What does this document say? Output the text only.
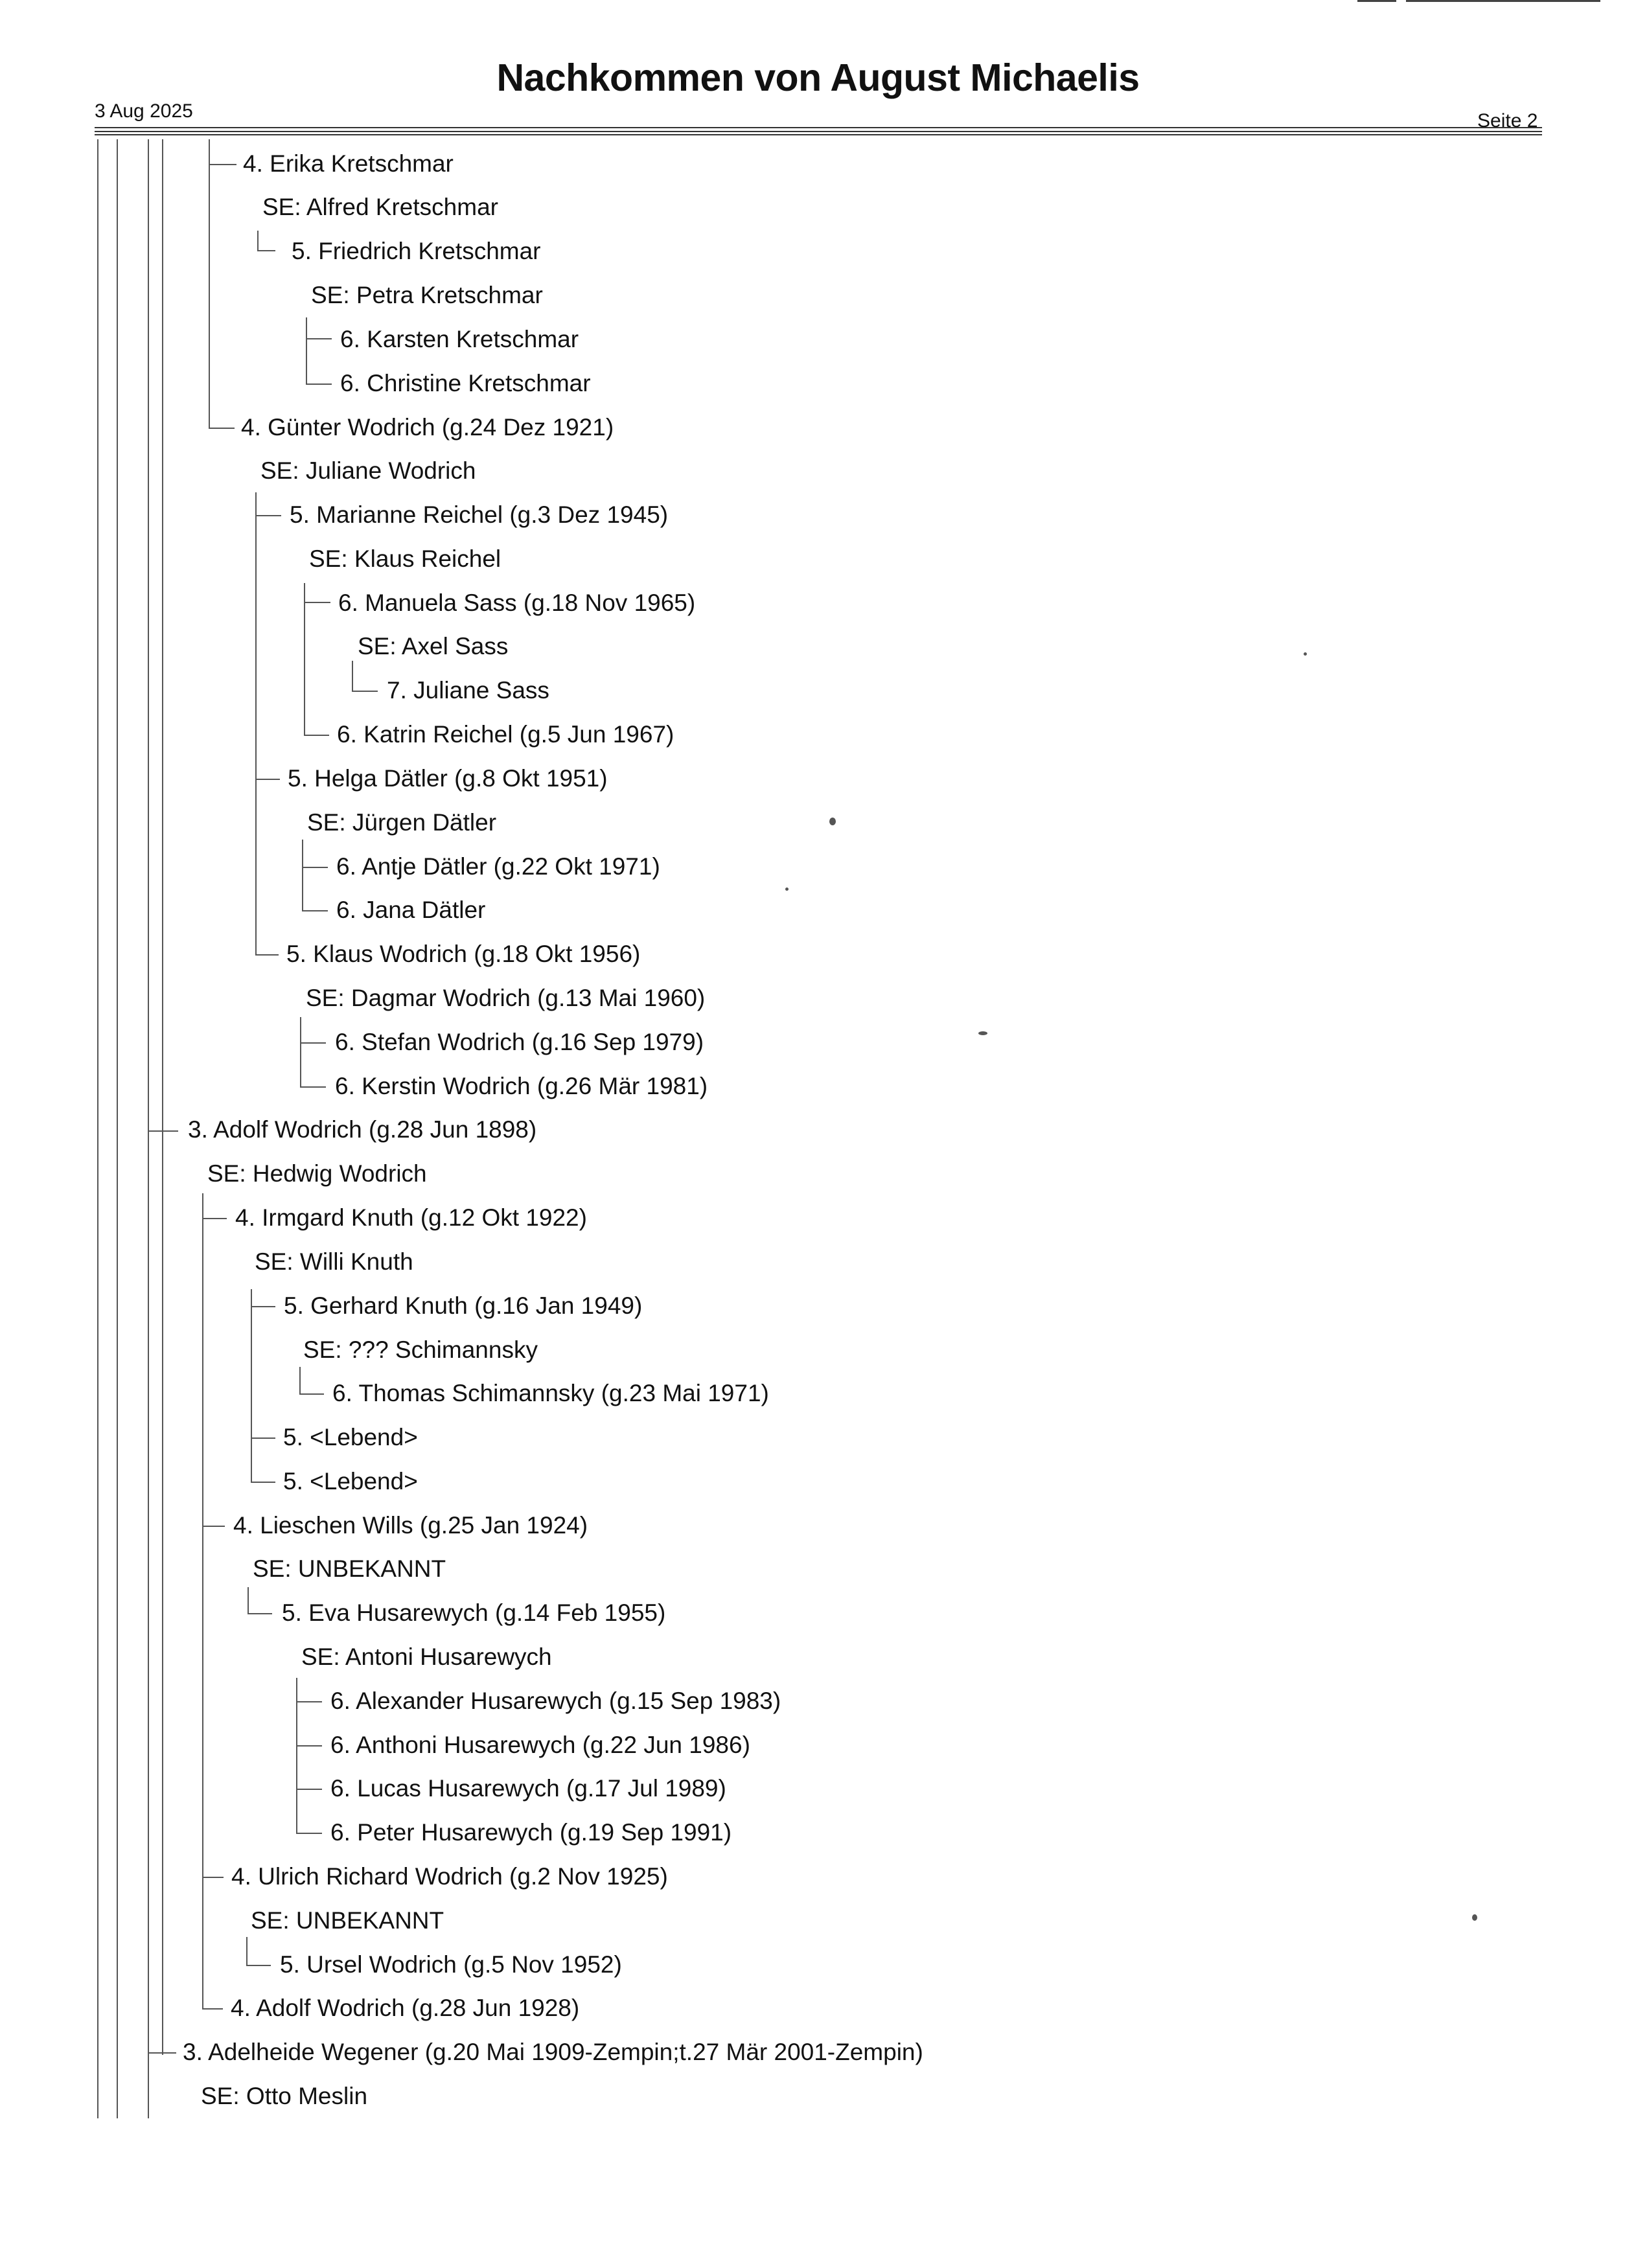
Nachkommen von August Michaelis
3 Aug 2025	Seite 2
4. Erika Kretschmar
SE: Alfred Kretschmar
5. Friedrich Kretschmar
SE: Petra Kretschmar
6. Karsten Kretschmar
6. Christine Kretschmar
4. Günter Wodrich (g.24 Dez 1921)
SE: Juliane Wodrich
5. Marianne Reichel (g.3 Dez 1945)
SE: Klaus Reichel
6. Manuela Sass (g.18 Nov 1965)
SE: Axel Sass
7. Juliane Sass
6. Katrin Reichel (g.5 Jun 1967)
5. Helga Dätler (g.8 Okt 1951)
SE: Jürgen Dätler
6. Antje Dätler (g.22 Okt 1971)
6. Jana Dätler
5. Klaus Wodrich (g.18 Okt 1956)
SE: Dagmar Wodrich (g.13 Mai 1960)
6. Stefan Wodrich (g.16 Sep 1979)
6. Kerstin Wodrich (g.26 Mär 1981)
3. Adolf Wodrich (g.28 Jun 1898)
SE: Hedwig Wodrich
4. Irmgard Knuth (g.12 Okt 1922)
SE: Willi Knuth
5. Gerhard Knuth (g.16 Jan 1949)
SE: ??? Schimannsky
6. Thomas Schimannsky (g.23 Mai 1971)
5. <Lebend>
5. <Lebend>
4. Lieschen Wills (g.25 Jan 1924)
SE: UNBEKANNT
5. Eva Husarewych (g.14 Feb 1955)
SE: Antoni Husarewych
6. Alexander Husarewych (g.15 Sep 1983)
6. Anthoni Husarewych (g.22 Jun 1986)
6. Lucas Husarewych (g.17 Jul 1989)
6. Peter Husarewych (g.19 Sep 1991)
4. Ulrich Richard Wodrich (g.2 Nov 1925)
SE: UNBEKANNT
5. Ursel Wodrich (g.5 Nov 1952)
4. Adolf Wodrich (g.28 Jun 1928)
3. Adelheide Wegener (g.20 Mai 1909-Zempin;t.27 Mär 2001-Zempin)
SE: Otto Meslin
